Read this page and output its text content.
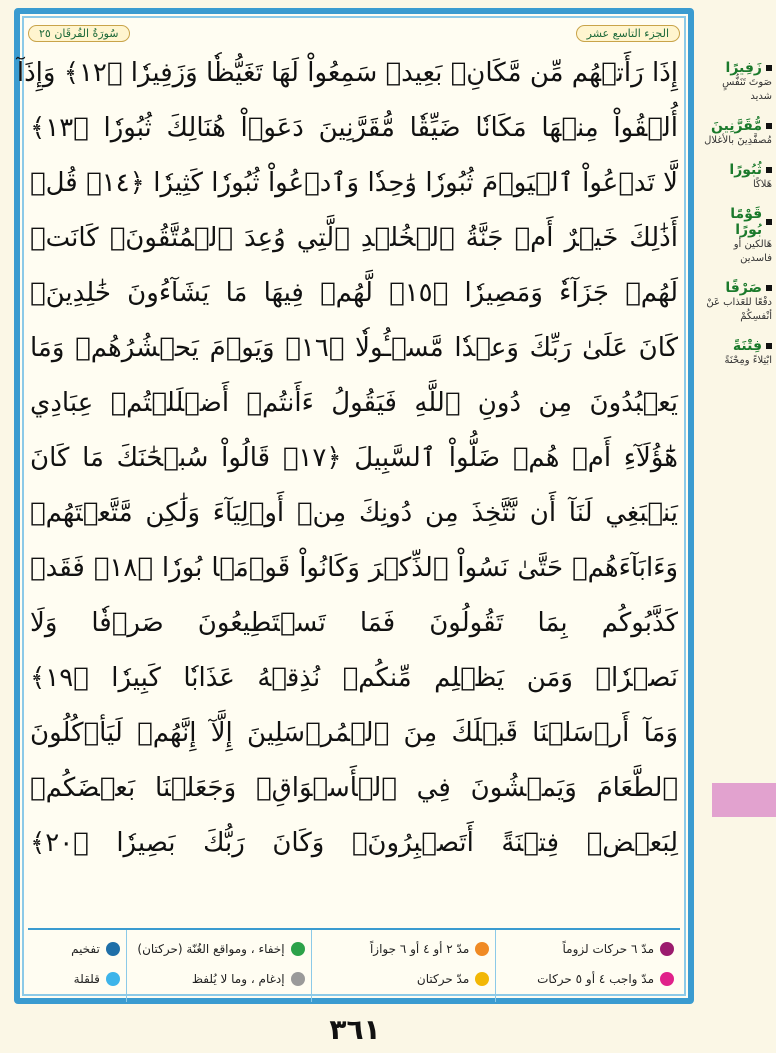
سُورَةُ الفُرقَان ٢٥	الجزء التاسع عشر
إِذَا رَأَتۡهُم مِّن مَّكَانِۭ بَعِيدٖ سَمِعُواْ لَهَا تَغَيُّظٗا وَزَفِيرٗا ﴿١٢﴾ وَإِذَآ
أُلۡقُواْ مِنۡهَا مَكَانٗا ضَيِّقٗا مُّقَرَّنِينَ دَعَوۡاْ هُنَالِكَ ثُبُورٗا ﴿١٣﴾
لَّا تَدۡعُواْ ٱلۡيَوۡمَ ثُبُورٗا وَٰحِدٗا وَٱدۡعُواْ ثُبُورٗا كَثِيرٗا ﴿١٤﴾ قُلۡ
أَذَٰلِكَ خَيۡرٌ أَمۡ جَنَّةُ ٱلۡخُلۡدِ ٱلَّتِي وُعِدَ ٱلۡمُتَّقُونَۚ كَانَتۡ
لَهُمۡ جَزَآءٗ وَمَصِيرٗا ﴿١٥﴾ لَّهُمۡ فِيهَا مَا يَشَآءُونَ خَٰلِدِينَۚ
كَانَ عَلَىٰ رَبِّكَ وَعۡدٗا مَّسۡـُٔولٗا ﴿١٦﴾ وَيَوۡمَ يَحۡشُرُهُمۡ وَمَا
يَعۡبُدُونَ مِن دُونِ ٱللَّهِ فَيَقُولُ ءَأَنتُمۡ أَضۡلَلۡتُمۡ عِبَادِي
هَٰٓؤُلَآءِ أَمۡ هُمۡ ضَلُّواْ ٱلسَّبِيلَ ﴿١٧﴾ قَالُواْ سُبۡحَٰنَكَ مَا كَانَ
يَنۢبَغِي لَنَآ أَن نَّتَّخِذَ مِن دُونِكَ مِنۡ أَوۡلِيَآءَ وَلَٰكِن مَّتَّعۡتَهُمۡ
وَءَابَآءَهُمۡ حَتَّىٰ نَسُواْ ٱلذِّكۡرَ وَكَانُواْ قَوۡمَۢا بُورٗا ﴿١٨﴾ فَقَدۡ
كَذَّبُوكُم بِمَا تَقُولُونَ فَمَا تَسۡتَطِيعُونَ صَرۡفٗا وَلَا
نَصۡرٗاۚ وَمَن يَظۡلِم مِّنكُمۡ نُذِقۡهُ عَذَابٗا كَبِيرٗا ﴿١٩﴾
وَمَآ أَرۡسَلۡنَا قَبۡلَكَ مِنَ ٱلۡمُرۡسَلِينَ إِلَّآ إِنَّهُمۡ لَيَأۡكُلُونَ
ٱلطَّعَامَ وَيَمۡشُونَ فِي ٱلۡأَسۡوَاقِۗ وَجَعَلۡنَا بَعۡضَكُمۡ
لِبَعۡضٖ فِتۡنَةً أَتَصۡبِرُونَۗ وَكَانَ رَبُّكَ بَصِيرٗا ﴿٢٠﴾
مدّ ٦ حركات لزوماً
مدّ واجب ٤ أو ٥ حركات
مدّ ٢ أو ٤ أو ٦ جوازاً
مدّ حركتان
إخفاء ، ومواقع الغُنّة (حركتان)
إدغام ، وما لا يُلفظ
تفخيم
قلقلة
٣٦١
زَفِيرًا
صَوتَ تَنَفُّسٍ شديد
مُّقَرَّنِينَ
مُصفَّدِينَ بالأغلال
ثُبُورًا
هَلاكًا
قَوْمًا بُورًا
هَالكين أو فاسدين
صَرْفًا
دفْعًا للعَذاب عَنْ أنْفسِكُمْ
فِتْنَةً
ابْتِلاءً ومِحْنَةً
